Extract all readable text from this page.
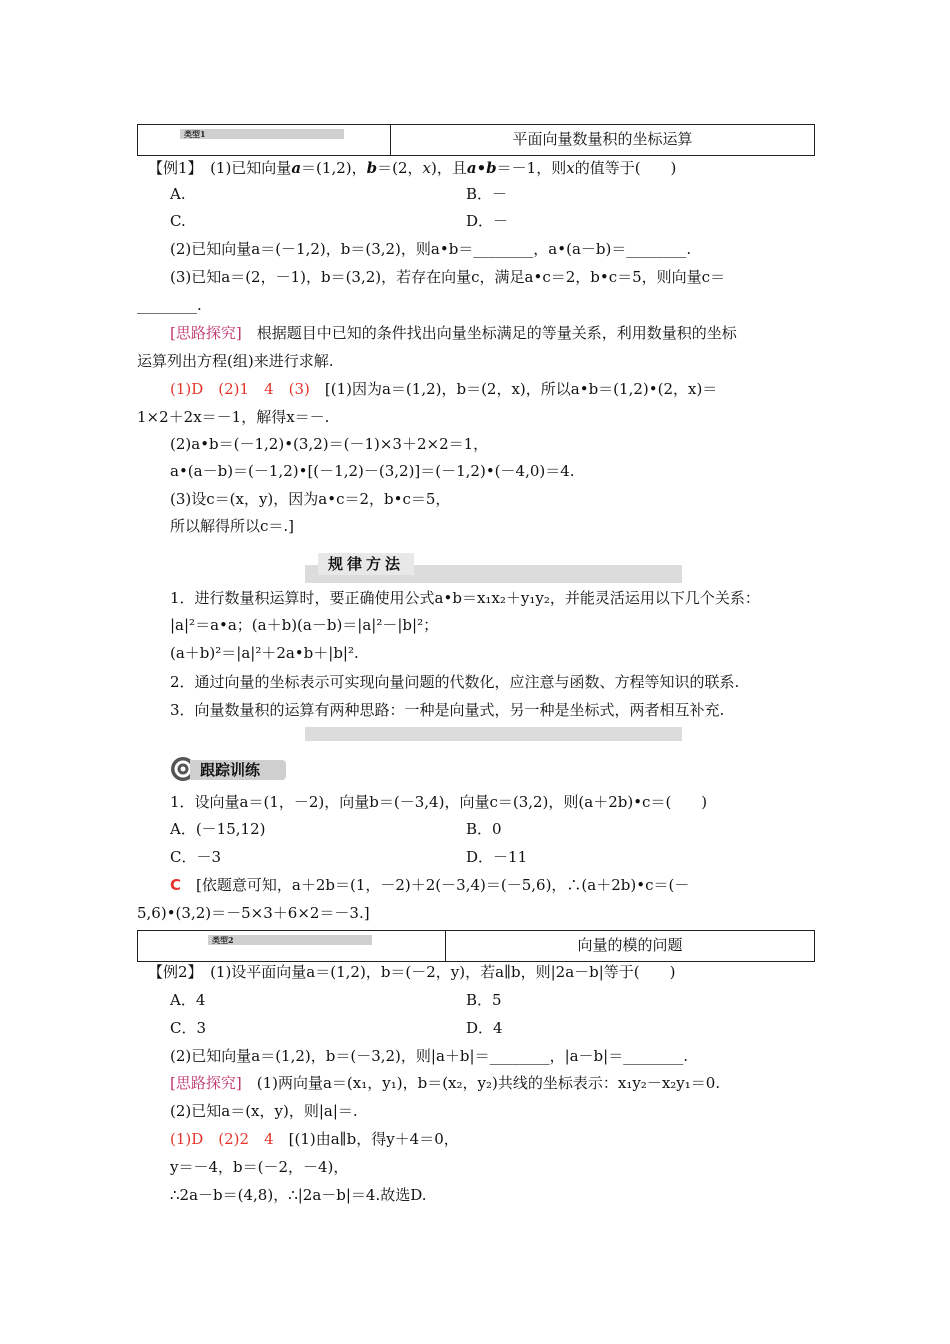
类型1	平面向量数量积的坐标运算
【例1】　 (1)已知向量a＝(1,2)，b＝(2，x)，且a•b＝－1，则x的值等于(　　)
A.	B．－
C.	D．－
(2)已知向量a＝(－1,2)，b＝(3,2)，则a•b＝________，a•(a－b)＝________.
(3)已知a＝(2，－1)，b＝(3,2)，若存在向量c，满足a•c＝2，b•c＝5，则向量c＝
________.
[思路探究]　 根据题目中已知的条件找出向量坐标满足的等量关系，利用数量积的坐标
运算列出方程(组)来进行求解.
(1)D　(2)1　4　(3)　 [(1)因为a＝(1,2)，b＝(2，x)，所以a•b＝(1,2)•(2，x)＝
1×2＋2x＝－1，解得x＝－.
(2)a•b＝(－1,2)•(3,2)＝(－1)×3＋2×2＝1，
a•(a－b)＝(－1,2)•[(－1,2)－(3,2)]＝(－1,2)•(－4,0)＝4.
(3)设c＝(x，y)，因为a•c＝2，b•c＝5，
所以解得所以c＝.]
规律方法
1．进行数量积运算时，要正确使用公式a•b＝x₁x₂＋y₁y₂，并能灵活运用以下几个关系：
|a|²＝a•a；(a＋b)(a－b)＝|a|²－|b|²；
(a＋b)²＝|a|²＋2a•b＋|b|².
2．通过向量的坐标表示可实现向量问题的代数化，应注意与函数、方程等知识的联系.
3．向量数量积的运算有两种思路：一种是向量式，另一种是坐标式，两者相互补充.
跟踪训练
1．设向量a＝(1，－2)，向量b＝(－3,4)，向量c＝(3,2)，则(a＋2b)•c＝(　　)
A．(－15,12)	B．0
C．－3	D．－11
C　 [依题意可知，a＋2b＝(1，－2)＋2(－3,4)＝(－5,6)，∴(a＋2b)•c＝(－
5,6)•(3,2)＝－5×3＋6×2＝－3.]
类型2	向量的模的问题
【例2】　 (1)设平面向量a＝(1,2)，b＝(－2，y)，若a∥b，则|2a－b|等于(　　)
A．4	B．5
C．3	D．4
(2)已知向量a＝(1,2)，b＝(－3,2)，则|a＋b|＝________，|a－b|＝________.
[思路探究]　 (1)两向量a＝(x₁，y₁)，b＝(x₂，y₂)共线的坐标表示：x₁y₂－x₂y₁＝0.
(2)已知a＝(x，y)，则|a|＝.
(1)D　(2)2　4　 [(1)由a∥b，得y＋4＝0，
y＝－4，b＝(－2，－4)，
∴2a－b＝(4,8)，∴|2a－b|＝4.故选D.
